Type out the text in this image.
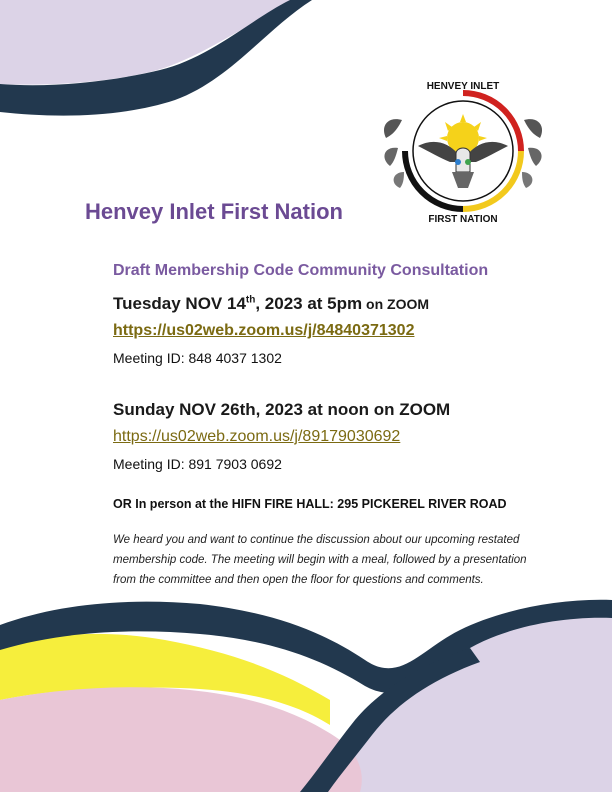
HENVEY INLET
FIRST NATION
Henvey Inlet First Nation
Draft Membership Code Community Consultation
Tuesday NOV 14th, 2023 at 5pm on ZOOM
https://us02web.zoom.us/j/84840371302
Meeting ID: 848 4037 1302
Sunday NOV 26th, 2023 at noon on ZOOM
https://us02web.zoom.us/j/89179030692
Meeting ID: 891 7903 0692
OR In person at the HIFN FIRE HALL: 295 PICKEREL RIVER ROAD
We heard you and want to continue the discussion about our upcoming restated membership code. The meeting will begin with a meal, followed by a presentation from the committee and then open the floor for questions and comments.
